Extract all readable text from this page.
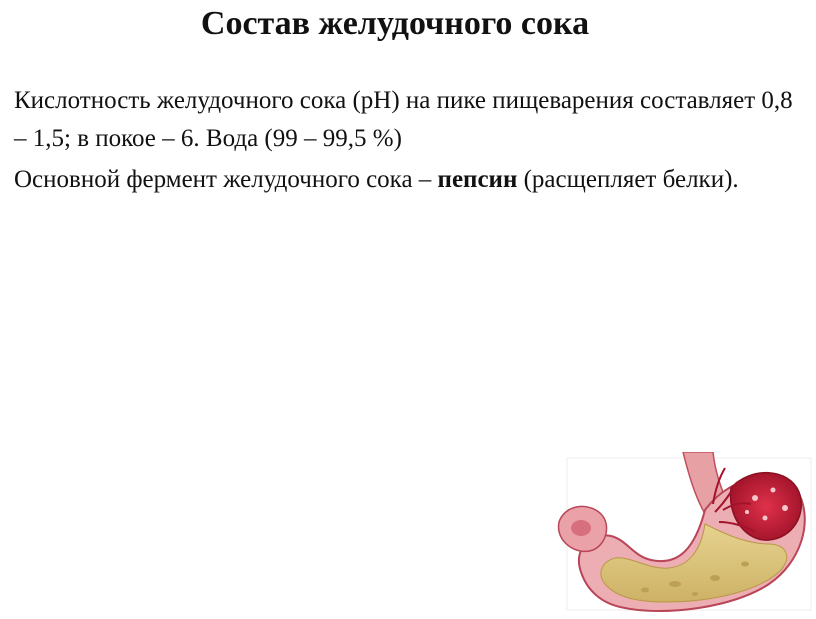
Состав желудочного сока

Кислотность желудочного сока (pH) на пике пищеварения составляет 0,8 – 1,5; в покое – 6. Вода (99 – 99,5 %)

Основной фермент желудочного сока – пепсин (расщепляет белки).
